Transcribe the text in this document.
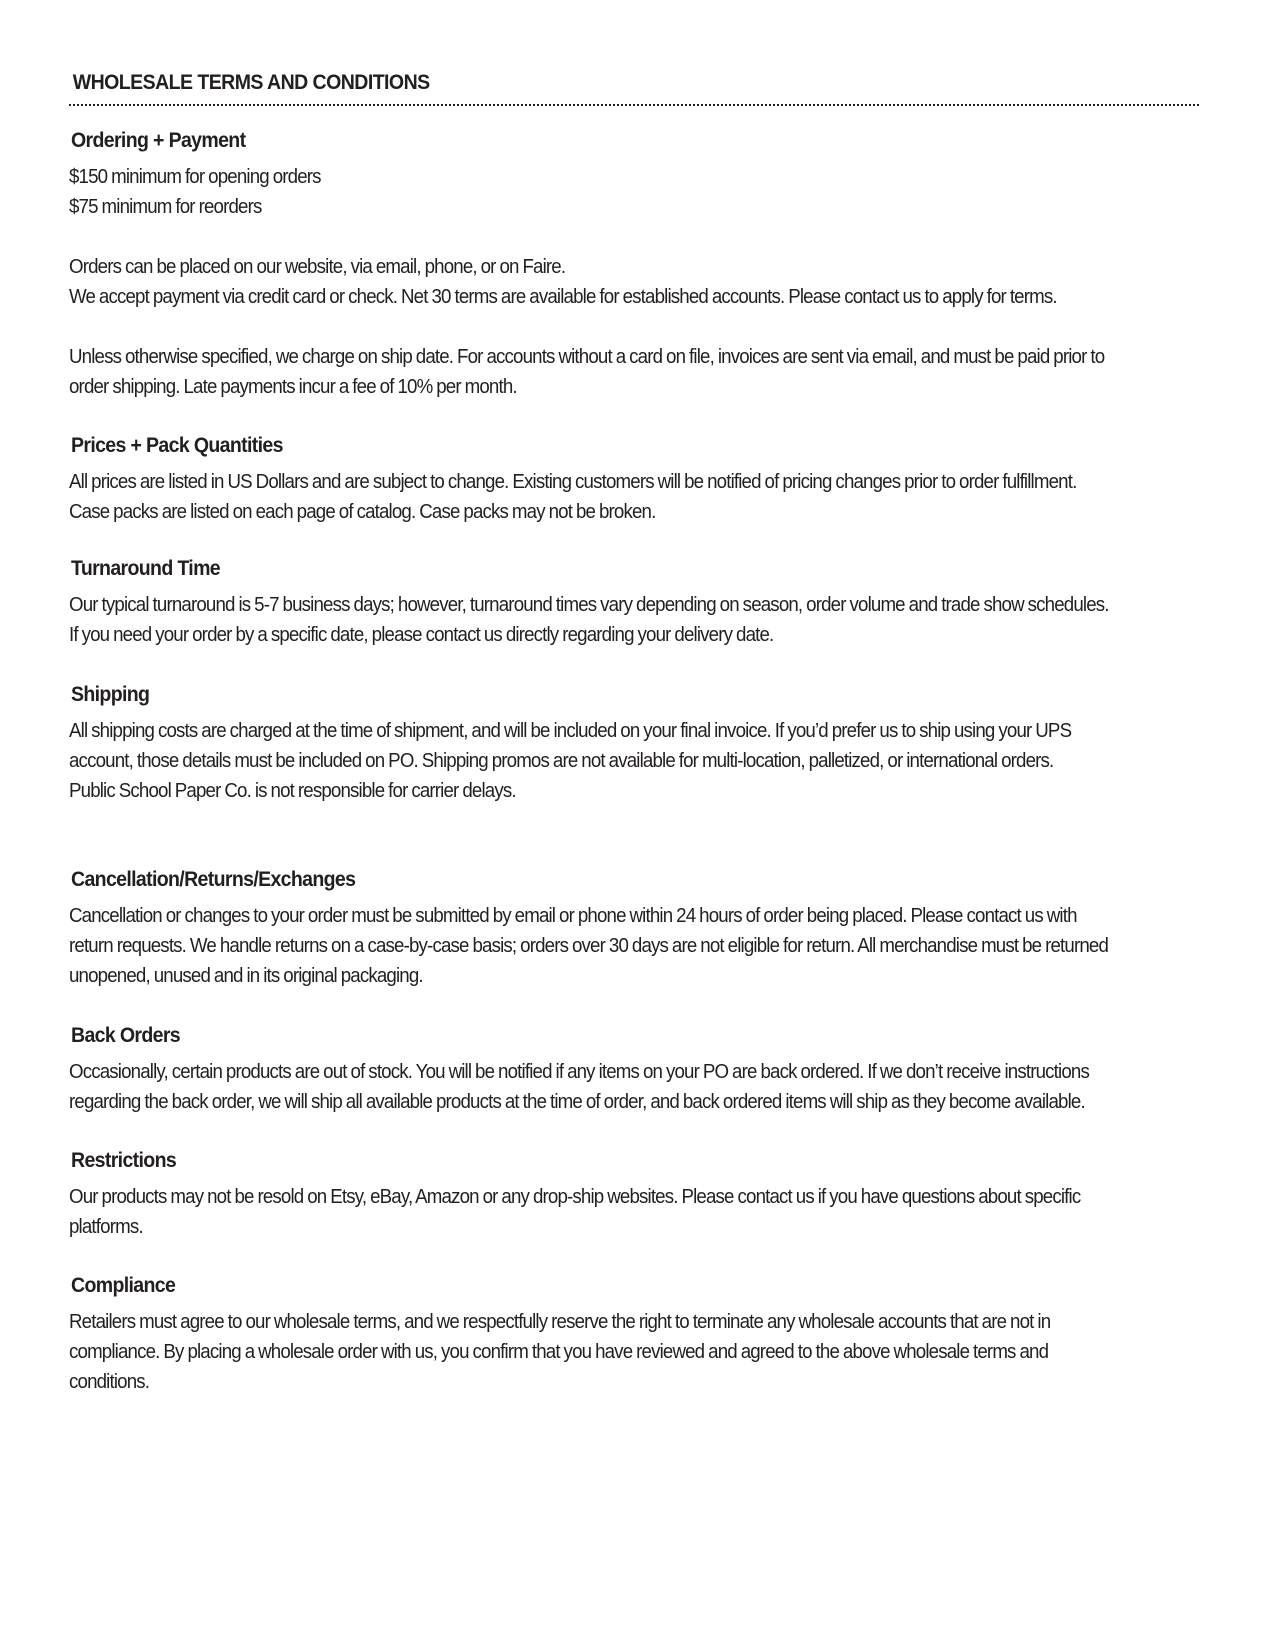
WHOLESALE TERMS AND CONDITIONS
Ordering + Payment
$150 minimum for opening orders
$75 minimum for reorders
Orders can be placed on our website, via email, phone, or on Faire.
We accept payment via credit card or check. Net 30 terms are available for established accounts. Please contact us to apply for terms.
Unless otherwise specified, we charge on ship date. For accounts without a card on file, invoices are sent via email, and must be paid prior to
order shipping. Late payments incur a fee of 10% per month.
Prices + Pack Quantities
All prices are listed in US Dollars and are subject to change. Existing customers will be notified of pricing changes prior to order fulfillment.
Case packs are listed on each page of catalog. Case packs may not be broken.
Turnaround Time
Our typical turnaround is 5-7 business days; however, turnaround times vary depending on season, order volume and trade show schedules.
If you need your order by a specific date, please contact us directly regarding your delivery date.
Shipping
All shipping costs are charged at the time of shipment, and will be included on your final invoice. If you’d prefer us to ship using your UPS
account, those details must be included on PO. Shipping promos are not available for multi-location, palletized, or international orders.
Public School Paper Co. is not responsible for carrier delays.
Cancellation/Returns/Exchanges
Cancellation or changes to your order must be submitted by email or phone within 24 hours of order being placed. Please contact us with
return requests. We handle returns on a case-by-case basis; orders over 30 days are not eligible for return. All merchandise must be returned
unopened, unused and in its original packaging.
Back Orders
Occasionally, certain products are out of stock. You will be notified if any items on your PO are back ordered. If we don’t receive instructions
regarding the back order, we will ship all available products at the time of order, and back ordered items will ship as they become available.
Restrictions
Our products may not be resold on Etsy, eBay, Amazon or any drop-ship websites. Please contact us if you have questions about specific
platforms.
Compliance
Retailers must agree to our wholesale terms, and we respectfully reserve the right to terminate any wholesale accounts that are not in
compliance. By placing a wholesale order with us, you confirm that you have reviewed and agreed to the above wholesale terms and
conditions.
